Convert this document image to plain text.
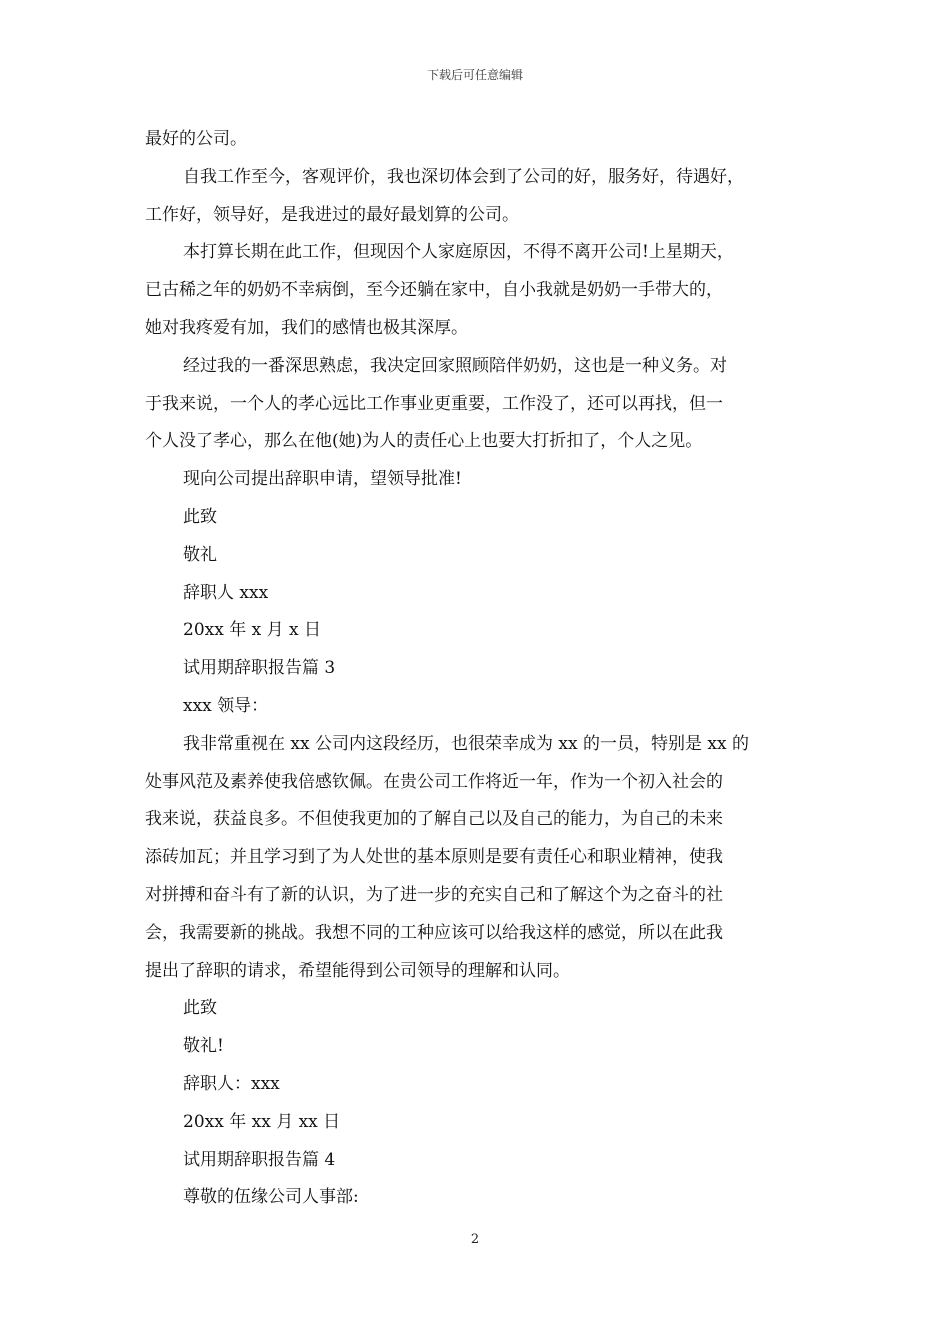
下载后可任意编辑

最好的公司。

自我工作至今，客观评价，我也深切体会到了公司的好，服务好，待遇好，

工作好，领导好，是我进过的最好最划算的公司。

本打算长期在此工作，但现因个人家庭原因，不得不离开公司!上星期天，

已古稀之年的奶奶不幸病倒，至今还躺在家中，自小我就是奶奶一手带大的，

她对我疼爱有加，我们的感情也极其深厚。

经过我的一番深思熟虑，我决定回家照顾陪伴奶奶，这也是一种义务。对

于我来说，一个人的孝心远比工作事业更重要，工作没了，还可以再找，但一

个人没了孝心，那么在他(她)为人的责任心上也要大打折扣了，个人之见。

现向公司提出辞职申请，望领导批准!

此致

敬礼

辞职人 xxx

20xx 年 x 月 x 日

试用期辞职报告篇 3

xxx 领导：

我非常重视在 xx 公司内这段经历，也很荣幸成为 xx 的一员，特别是 xx 的

处事风范及素养使我倍感钦佩。在贵公司工作将近一年，作为一个初入社会的

我来说，获益良多。不但使我更加的了解自己以及自己的能力，为自己的未来

添砖加瓦；并且学习到了为人处世的基本原则是要有责任心和职业精神，使我

对拼搏和奋斗有了新的认识，为了进一步的充实自己和了解这个为之奋斗的社

会，我需要新的挑战。我想不同的工种应该可以给我这样的感觉，所以在此我

提出了辞职的请求，希望能得到公司领导的理解和认同。

此致

敬礼!

辞职人：xxx

20xx 年 xx 月 xx 日

试用期辞职报告篇 4

尊敬的伍缘公司人事部:

2
